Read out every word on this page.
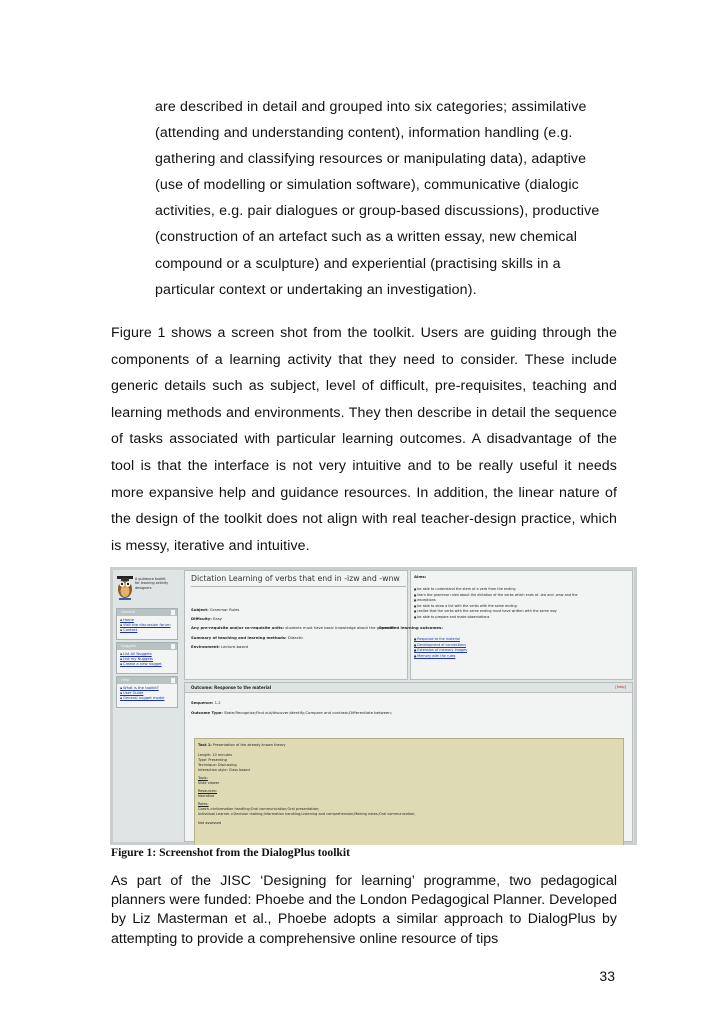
are described in detail and grouped into six categories; assimilative
(attending and understanding content), information handling (e.g.
gathering and classifying resources or manipulating data), adaptive
(use of modelling or simulation software), communicative (dialogic
activities, e.g. pair dialogues or group-based discussions), productive
(construction of an artefact such as a written essay, new chemical
compound or a sculpture) and experiential (practising skills in a
particular context or undertaking an investigation).
Figure 1 shows a screen shot from the toolkit. Users are guiding through the components of a learning activity that they need to consider. These include generic details such as subject, level of difficult, pre-requisites, teaching and learning methods and environments. They then describe in detail the sequence of tasks associated with particular learning outcomes. A disadvantage of the tool is that the interface is not very intuitive and to be really useful it needs more expansive help and guidance resources. In addition, the linear nature of the design of the toolkit does not align with real teacher-design practice, which is messy, iterative and intuitive.
A guidance toolkit
for learning activity
designers
General
▪ Home
▪ Visit the discussion forum
▪ Contact
Nuggets
▪ List All Nuggets
▪ List my Nuggets
▪ Create a new nugget
Help
▪ What is the toolkit?
▪ User Guide
▪ General nugget model
Dictation Learning of verbs that end in -izw and -wnw
Subject: Grammar Rules
Difficulty: Easy
Any pre-requisite and/or co-requisite units: students must have basic knowledge about the grammar
Summary of teaching and learning methods: Didactic
Environment: Lecture-based
Aims:
■ be able to understand the stem of a verb from the ending
■ learn the grammar rules about the dictation of the verbs which ends at -izw and -wnw and the
■ exceptions
■ be able to show a list with the verbs with the same ending
■ realize that the verbs with the same ending must have written with the same way
■ be able to prepare and make observations
Specified learning outcomes:
■ Response to the material
■ Development of connections
■ Extension of memory images
■ Memory with the rules
Outcome: Response to the material	[help]
Sequence: 1.2
Outcome Type: State;Recognise;Find out/discover;Identify;Compare and contrast;Differentiate between;
Task 1: Presentation of the already known theory
Length: 10 minutes
Type: Presenting
Technique: Discussing
Interaction style: Class based
Tools:
Slide viewer
Resources:
Narrative
Roles:
Coach->Information handling;Oral communication;Oral presentation;
Individual Learner->Decision making;Information handling;Listening and comprehension;Making notes;Oral communication;
Not assessed
Figure 1: Screenshot from the DialogPlus toolkit
As part of the JISC ‘Designing for learning’ programme, two pedagogical planners were funded: Phoebe and the London Pedagogical Planner. Developed by Liz Masterman et al., Phoebe adopts a similar approach to DialogPlus by attempting to provide a comprehensive online resource of tips
33
